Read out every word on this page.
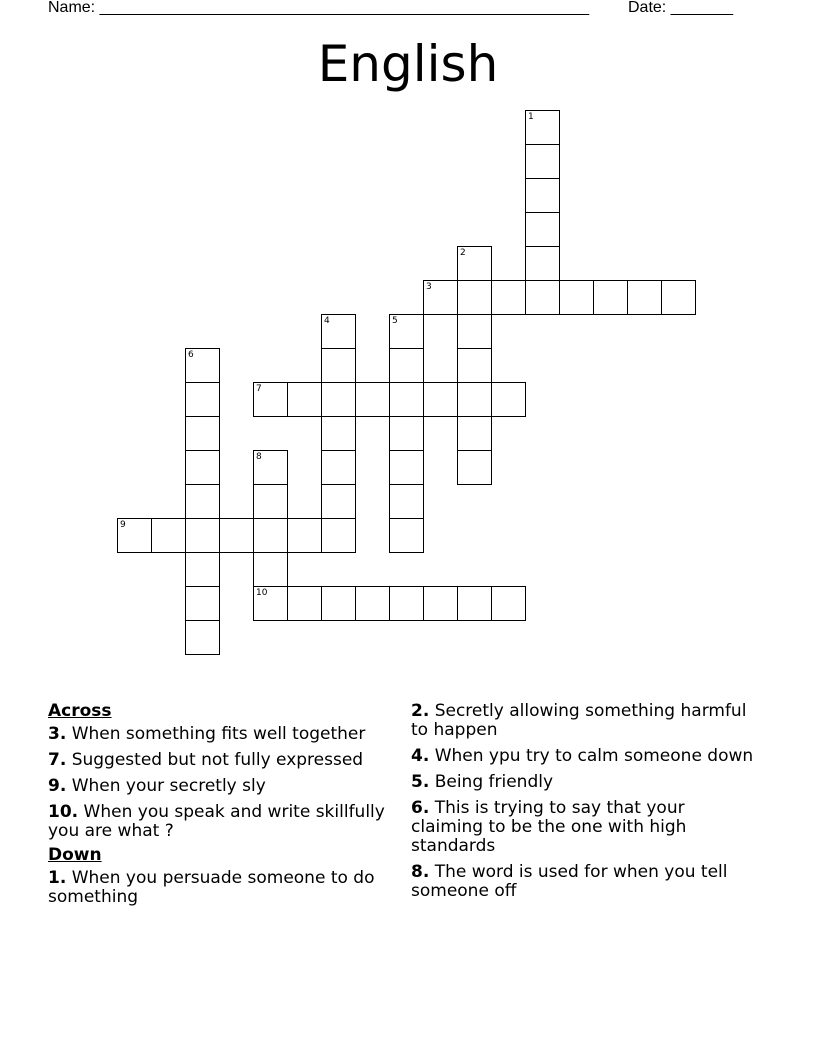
Name: _______________________________________________________ Date: _______
English
1
2
3
4	5
6
7
8
9
10
Across
3. When something fits well together
7. Suggested but not fully expressed
9. When your secretly sly
10. When you speak and write skillfully you are what ?
Down
1. When you persuade someone to do something
2. Secretly allowing something harmful to happen
4. When ypu try to calm someone down
5. Being friendly
6. This is trying to say that your claiming to be the one with high standards
8. The word is used for when you tell someone off
